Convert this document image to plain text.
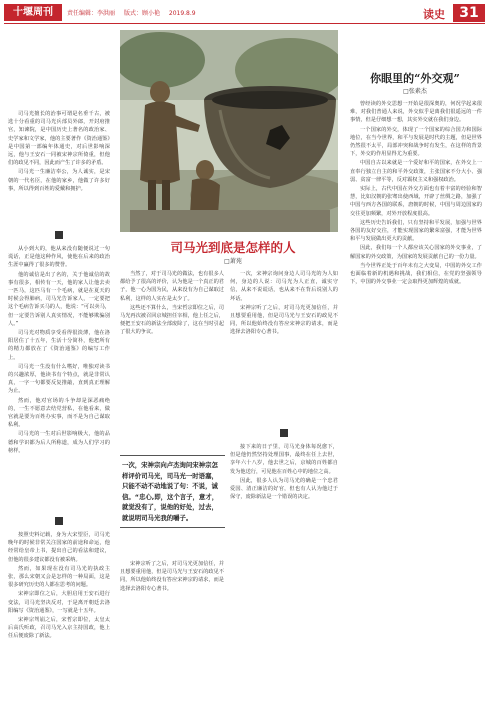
十堰周刊	责任编辑：李洪丽 版式：顾小艳 2019.8.9	读史	31

司马光擅长的治事可谓是名垂千古，被选十分看重的司马光兵部员外郎，开封府推官，知谏院，是中国历史上著名的政治家、史学家和文学家，他的主要著作《资治通鉴》是中国第一部编年体通史，对后世影响深远，他与王安石一同被宋神宗所倚重，但他们的政见不同，因此而产生了许多的矛盾。

司马光一生廉洁奉公，为人诚实，是宋朝的一代名臣，在他的家乡，他做了许多好事，所以得到百姓的爱戴和拥护。

从小到大的，他从来没有随便说过一句谎话，正是他这种作风，使他在后来的政治生涯中赢得了很多的赞誉。

他的诚信是出了名的，关于他诚信的故事有很多，相传有一天，他的家人让他去卖一匹马，这匹马有一个毛病，就是在夏天的时候会得肺病，司马光告诉家人，一定要把这个毛病告诉买马的人，他说：“可以卖马，但一定要告诉别人真实情况，不能够欺骗别人。”

司马光对物质享受看得很淡薄，他在洛阳居住了十五年，生活十分简朴，他把所有的精力都放在了《资治通鉴》的编写工作上。

司马光一生没有什么嗜好，唯独对读书的兴趣浓厚，他读书有个特点，就是非常认真，一字一句都要反复推敲，直到真正理解为止。

然而，他对官场的斗争却是深恶痛绝的，一生不愿意去结党营私，在他看来，做官就是要为百姓办实事，而不是为自己谋取私利。

司马光的一生对后世影响极大，他的品德和学识都为后人所称道，成为人们学习的榜样。

按照史料记载，身为大宋望臣，司马光晚年的时候非常关注国家的前途和命运，他经常给皇帝上书，提出自己的看法和建议，但他的很多建议都没有被采纳。

然而，如果现在没有司马光的执政主张，那么宋朝又会是怎样的一种局面，这是很多研究历史的人都在思考的问题。

宋神宗即位之后，大胆启用王安石进行变法，司马光坚决反对，于是离开朝廷去洛阳编写《资治通鉴》，一写就是十五年。

宋神宗驾崩之后，宋哲宗即位，太皇太后高氏听政，召司马光入京主持国政，他上任后便废除了新法。

司马光到底是怎样的人
□萧苑

一次，宋神宗询问身边人司马光的为人如何，身边的人说：司马光为人正直，诚实守信，从来不说谎话，也从来不在背后说别人的坏话。

宋神宗听了之后，对司马光更加信任，并且想要重用他，但是司马光与王安石的政见不同，所以他始终没有答应宋神宗的请求，而是选择去洛阳专心著书。

当然了，对于司马光的做法，也有很多人都给予了很高的评价，认为他是一个真正的君子，他一心为国为民，从来没有为自己谋取过私利，这样的人实在是太少了。

这些还不算什么，当宋哲宗即位之后，司马光再次被召回京城担任宰相，他上任之后，便把王安石的新法全部废除了，这在当时引起了很大的争议。

一次，宋神宗向卢杰询问宋神宗怎样评价司马光，司马光一时语塞，只能不动不动地说了句：不说，诚信。“忠心,即，这个言子，意才，就觉没有了，说他的好处，过去，就说明司马光我的嚼子。

接下来的日子里，司马光身体每况愈下，但是他仍然坚持处理国事，最终在任上去世，享年六十八岁，他去世之后，京城的百姓都自发为他送行，可见他在百姓心中的地位之高。

因此，很多人认为司马光的确是一个忠君爱国、清正廉洁的好官，但也有人认为他过于保守，废除新法是一个错误的决定。

宋神宗听了之后，对司马光更加信任，并且想要重用他，但是司马光与王安石的政见不同，所以他始终没有答应宋神宗的请求，而是选择去洛阳专心著书。

你眼里的“外交观”
□张素杰

曾经读的外交思想一开始是很深奥的，何况学起来很难，对我们普通人来说，外交似乎是离我们很遥远的一件事情，但是仔细想一想，其实外交就在我们身边。

一个国家的外交，体现了一个国家的综合国力和国际地位，在当今世界，和平与发展是时代的主题，但是世界仍然很不太平，局部冲突和战争时有发生，在这样的背景下，外交的作用显得尤为重要。

中国自古以来就是一个爱好和平的国家，在外交上一直奉行独立自主的和平外交政策，主张国家不分大小、强弱、贫富一律平等，反对霸权主义和强权政治。

实际上，古代中国在外交方面也有着丰富的经验和智慧，比如汉朝的张骞出使西域，开辟了丝绸之路，加强了中国与西方各国的联系，唐朝的时候，中国与周边国家的交往更加频繁，对外开放程度很高。

这些历史告诉我们，只有坚持和平发展，加强与世界各国的友好交往，才能实现国家的繁荣富强，才能为世界和平与发展做出更大的贡献。

因此，我们每一个人都应该关心国家的外交事业，了解国家的外交政策，为国家的发展贡献自己的一份力量。

当今世界正处于百年未有之大变局，中国的外交工作也面临着新的机遇和挑战，我们相信，在党的坚强领导下，中国的外交事业一定会取得更加辉煌的成就。
